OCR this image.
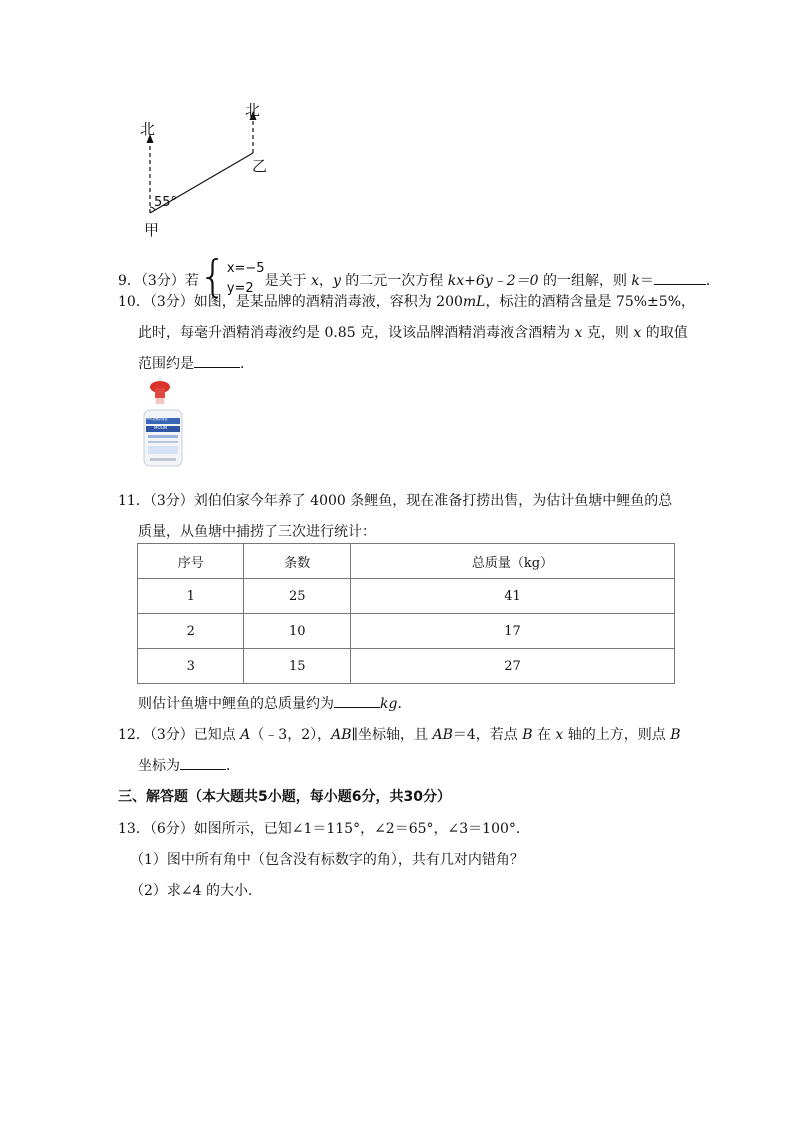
北
北
乙
55°
甲
9．（3分）若{ x=−5
y=2 是关于 x，y 的二元一次方程 kx+6y﹣2＝0 的一组解，则 k＝	．
10．（3分）如图，是某品牌的酒精消毒液，容积为 200mL，标注的酒精含量是 75%±5%，
此时，每毫升酒精消毒液约是 0.85 克，设该品牌酒精消毒液含酒精为 x 克，则 x 的取值
范围约是	．
75%酒精消毒液
MOLIN
11．（3分）刘伯伯家今年养了 4000 条鲤鱼，现在准备打捞出售，为估计鱼塘中鲤鱼的总
质量，从鱼塘中捕捞了三次进行统计：
序号	条数	总质量（kg）
1	25	41
2	10	17
3	15	27
则估计鱼塘中鲤鱼的总质量约为	kg．
12．（3分）已知点 A（﹣3，2），AB∥坐标轴，且 AB＝4，若点 B 在 x 轴的上方，则点 B
坐标为	．
三、解答题（本大题共5小题，每小题6分，共30分）
13．（6分）如图所示，已知∠1＝115°，∠2＝65°，∠3＝100°．
（1）图中所有角中（包含没有标数字的角），共有几对内错角？
（2）求∠4 的大小．
